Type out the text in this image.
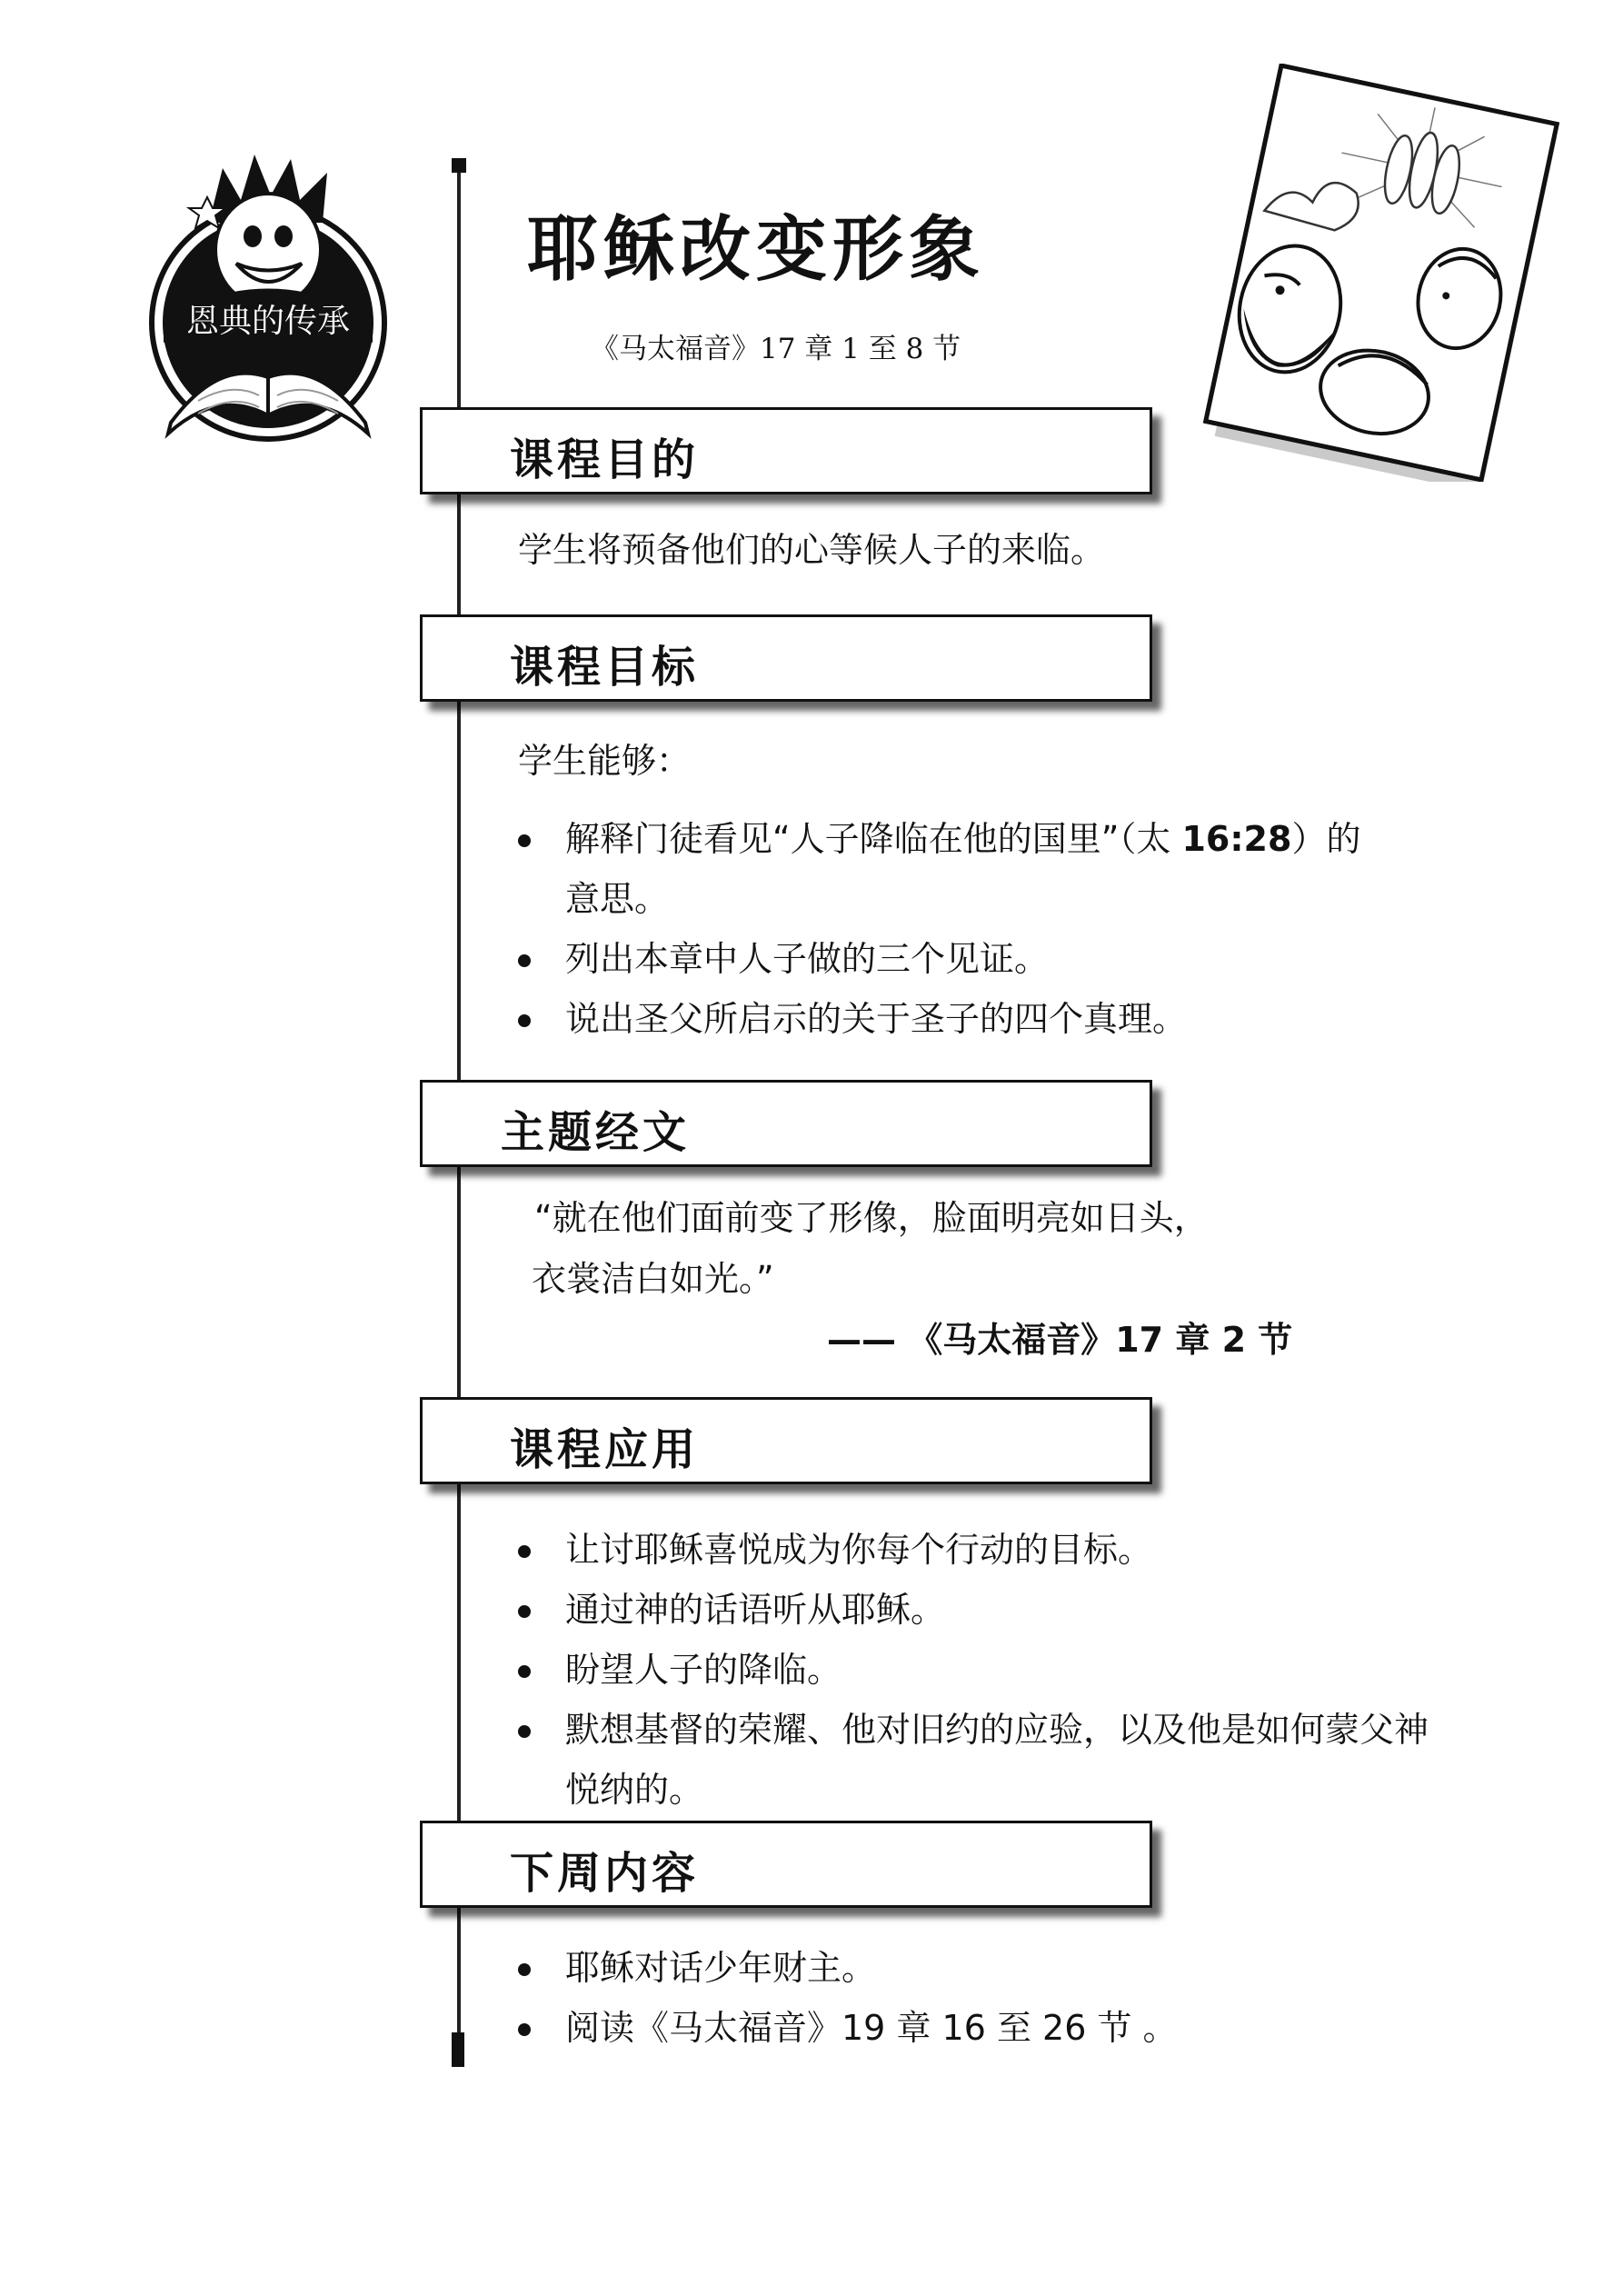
恩典的传承
耶稣改变形象
《马太福音》17 章 1 至 8 节
课程目的
学生将预备他们的心等候人子的来临。
课程目标
学生能够：
解释门徒看见“人子降临在他的国里”（太 16:28）的
意思。
列出本章中人子做的三个见证。
说出圣父所启示的关于圣子的四个真理。
主题经文
“就在他们面前变了形像，脸面明亮如日头，
衣裳洁白如光。”
—— 《马太福音》17 章 2 节
课程应用
让讨耶稣喜悦成为你每个行动的目标。
通过神的话语听从耶稣。
盼望人子的降临。
默想基督的荣耀、他对旧约的应验，以及他是如何蒙父神
悦纳的。
下周内容
耶稣对话少年财主。
阅读《马太福音》19 章 16 至 26 节 。
